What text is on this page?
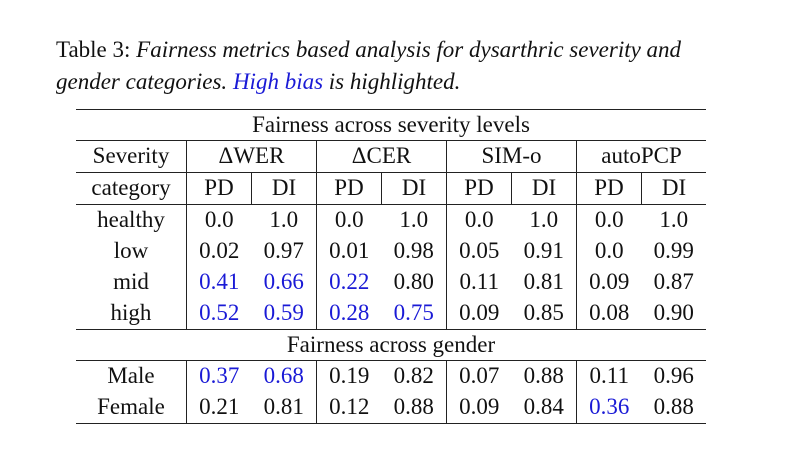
Table 3: Fairness metrics based analysis for dysarthric severity and gender categories. High bias is highlighted.
Fairness across severity levels								
Severity	ΔWER		ΔCER		SIM-o		autoPCP	
category	PD	DI	PD	DI	PD	DI	PD	DI
healthy	0.0	1.0	0.0	1.0	0.0	1.0	0.0	1.0
low	0.02	0.97	0.01	0.98	0.05	0.91	0.0	0.99
mid	0.41	0.66	0.22	0.80	0.11	0.81	0.09	0.87
high	0.52	0.59	0.28	0.75	0.09	0.85	0.08	0.90
Fairness across gender								
Male	0.37	0.68	0.19	0.82	0.07	0.88	0.11	0.96
Female	0.21	0.81	0.12	0.88	0.09	0.84	0.36	0.88
